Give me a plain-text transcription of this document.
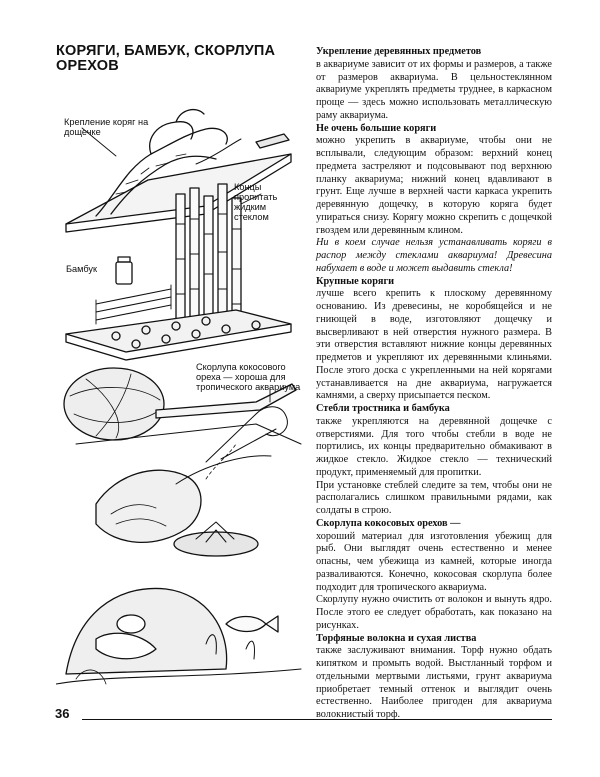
КОРЯГИ, БАМБУК, СКОРЛУПА ОРЕХОВ
Крепление коряг на дощечке
Концы пропитать жидким стеклом
Бамбук
Скорлупа кокосового ореха — хороша для тропического аквариума

Укрепление деревянных предметов

в аквариуме зависит от их формы и размеров, а также от размеров аквариума. В цельностеклянном аквариуме укреплять предметы труднее, в каркасном проще — здесь можно использовать металлическую раму аквариума.

Не очень большие коряги

можно укрепить в аквариуме, чтобы они не всплывали, следующим образом: верхний конец предмета застреляют и подсовывают под верхнюю планку аквариума; нижний конец вдавливают в грунт. Еще лучше в верхней части каркаса укрепить деревянную дощечку, в которую коряга будет упираться снизу. Корягу можно скрепить с дощечкой гвоздем или деревянным клином.

Ни в коем случае нельзя устанавливать коряги в распор между стеклами аквариума! Древесина набухает в воде и может выдавить стекла!

Крупные коряги

лучше всего крепить к плоскому деревянному основанию. Из древесины, не коробящейся и не гниющей в воде, изготовляют дощечку и высверливают в ней отверстия нужного размера. В эти отверстия вставляют нижние концы деревянных предметов и укрепляют их деревянными клиньями. После этого доска с укрепленными на ней корягами устанавливается на дне аквариума, нагружается камнями, а сверху присыпается песком.

Стебли тростника и бамбука

также укрепляются на деревянной дощечке с отверстиями. Для того чтобы стебли в воде не портились, их концы предварительно обмакивают в жидкое стекло. Жидкое стекло — технический продукт, применяемый для пропитки.

При установке стеблей следите за тем, чтобы они не располагались слишком правильными рядами, как солдаты в строю.

Скорлупа кокосовых орехов —

хороший материал для изготовления убежищ для рыб. Они выглядят очень естественно и менее опасны, чем убежища из камней, которые иногда разваливаются. Конечно, кокосовая скорлупа более подходит для тропического аквариума.

Скорлупу нужно очистить от волокон и вынуть ядро. После этого ее следует обработать, как показано на рисунках.

Торфяные волокна и сухая листва

также заслуживают внимания. Торф нужно обдать кипятком и промыть водой. Выстланный торфом и отдельными мертвыми листьями, грунт аквариума приобретает темный оттенок и выглядит очень естественно. Наиболее пригоден для аквариума волокнистый торф.

36
